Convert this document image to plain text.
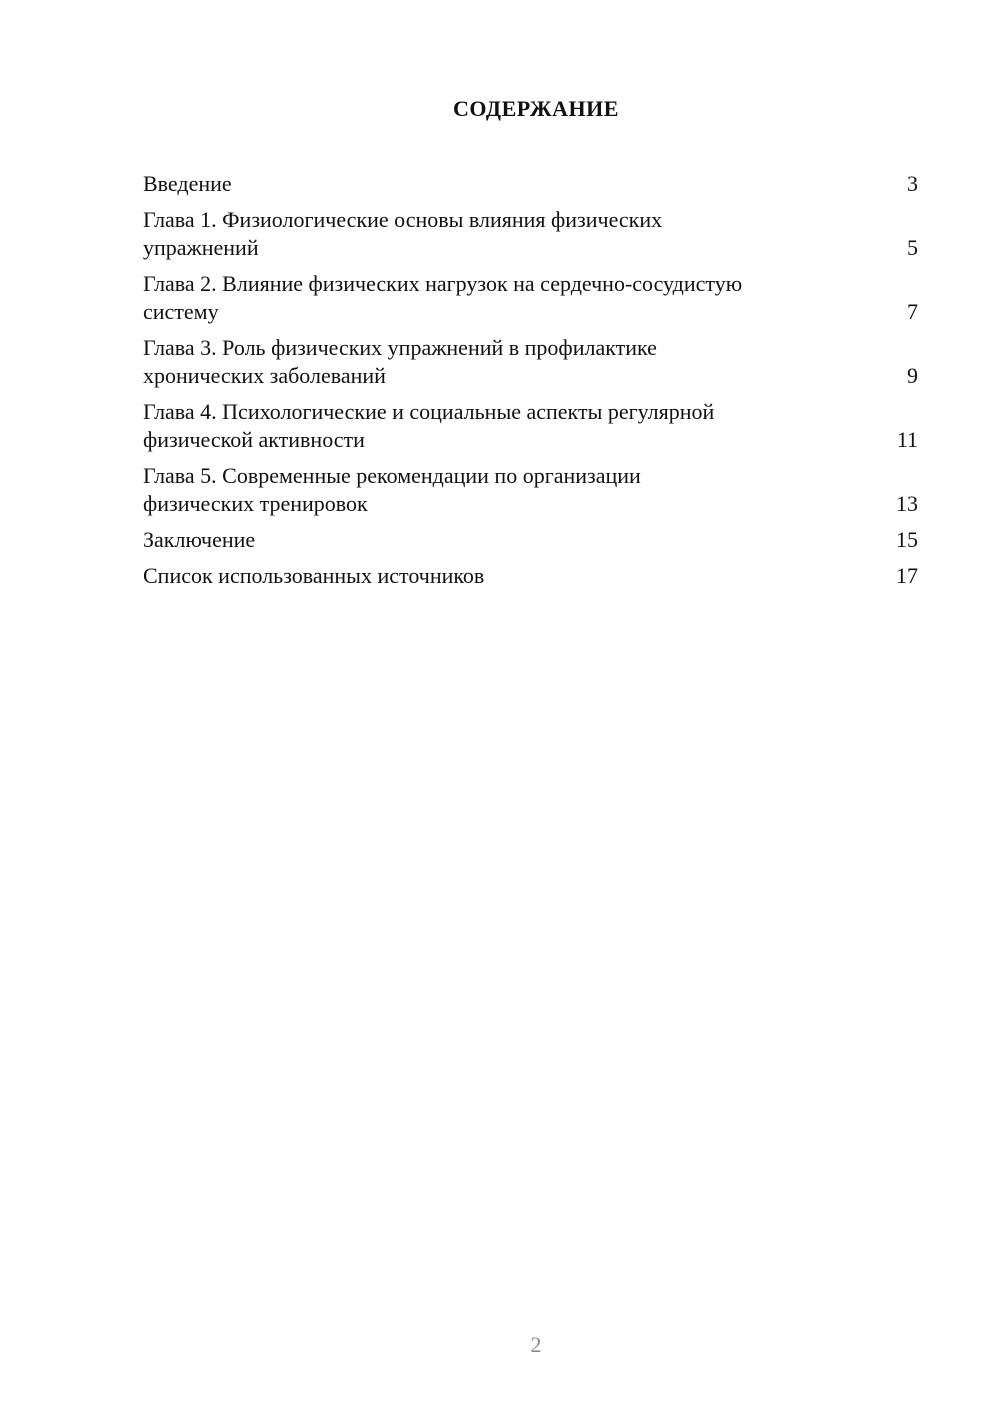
СОДЕРЖАНИЕ
Введение	3
Глава 1. Физиологические основы влияния физических
упражнений	5
Глава 2. Влияние физических нагрузок на сердечно-сосудистую
систему	7
Глава 3. Роль физических упражнений в профилактике
хронических заболеваний	9
Глава 4. Психологические и социальные аспекты регулярной
физической активности	11
Глава 5. Современные рекомендации по организации
физических тренировок	13
Заключение	15
Список использованных источников	17
2
